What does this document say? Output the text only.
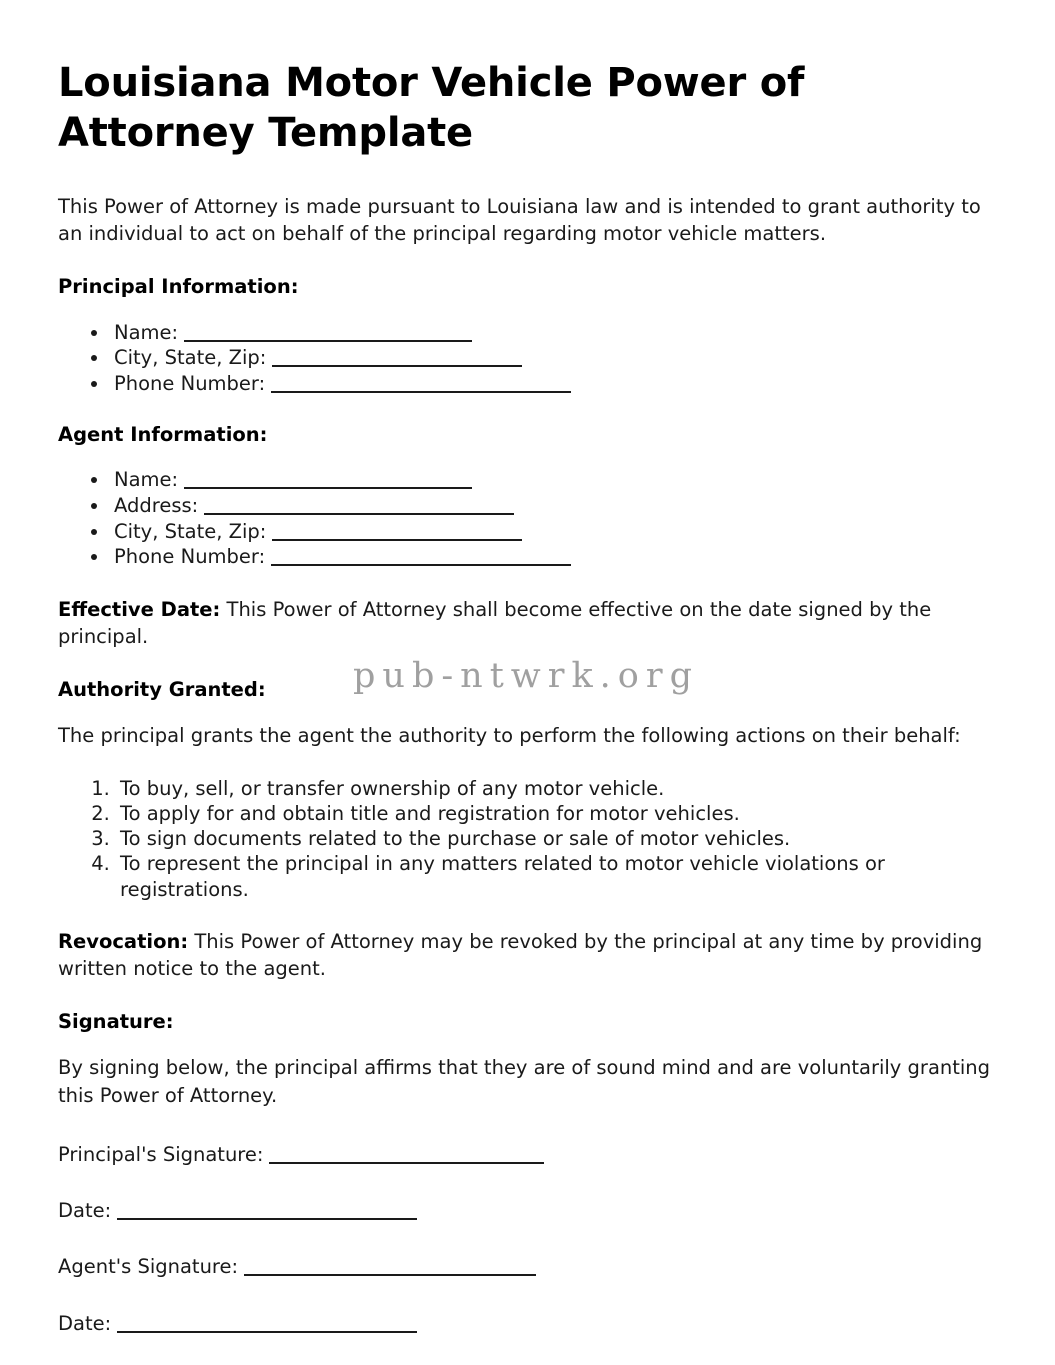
Louisiana Motor Vehicle Power of Attorney Template

This Power of Attorney is made pursuant to Louisiana law and is intended to grant authority to an individual to act on behalf of the principal regarding motor vehicle matters.

Principal Information:
• Name:
• City, State, Zip:
• Phone Number:
Agent Information:
• Name:
• Address:
• City, State, Zip:
• Phone Number:

Effective Date: This Power of Attorney shall become effective on the date signed by the principal.

Authority Granted:

The principal grants the agent the authority to perform the following actions on their behalf:

1. To buy, sell, or transfer ownership of any motor vehicle.
2. To apply for and obtain title and registration for motor vehicles.
3. To sign documents related to the purchase or sale of motor vehicles.
4. To represent the principal in any matters related to motor vehicle violations or registrations.

Revocation: This Power of Attorney may be revoked by the principal at any time by providing written notice to the agent.

Signature:

By signing below, the principal affirms that they are of sound mind and are voluntarily granting this Power of Attorney.

Principal's Signature:

Date:

Agent's Signature:

Date:

pub-ntwrk.org
